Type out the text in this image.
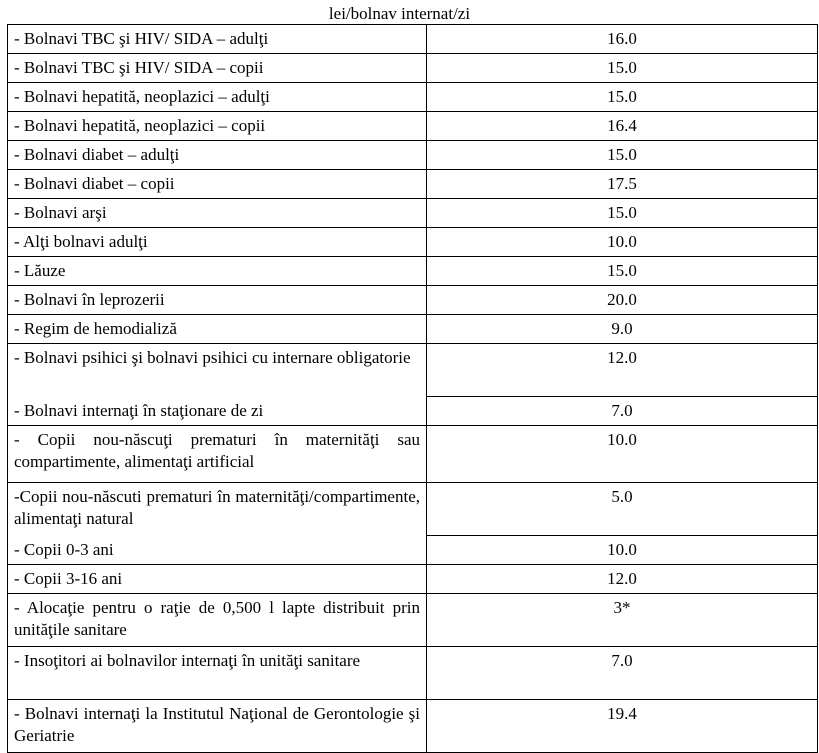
lei/bolnav internat/zi
- Bolnavi TBC şi HIV/ SIDA – adulţi	16.0
- Bolnavi TBC şi HIV/ SIDA – copii	15.0
- Bolnavi hepatită, neoplazici – adulţi	15.0
- Bolnavi hepatită, neoplazici – copii	16.4
- Bolnavi diabet – adulţi	15.0
- Bolnavi diabet – copii	17.5
- Bolnavi arşi	15.0
- Alţi bolnavi adulţi	10.0
- Lăuze	15.0
- Bolnavi în leprozerii	20.0
- Regim de hemodializă	9.0
- Bolnavi psihici şi bolnavi psihici cu internare obligatorie	12.0
- Bolnavi internaţi în staţionare de zi	7.0
- Copii nou-născuţi prematuri în maternităţi sau compartimente, alimentaţi artificial	10.0
-Copii nou-născuti prematuri în maternităţi/compartimente, alimentaţi natural	5.0
- Copii 0-3 ani	10.0
- Copii 3-16 ani	12.0
- Alocaţie pentru o raţie de 0,500 l lapte distribuit prin unităţile sanitare	3*
- Insoţitori ai bolnavilor internaţi în unităţi sanitare	7.0
- Bolnavi internaţi la Institutul Naţional de Gerontologie şi Geriatrie	19.4
